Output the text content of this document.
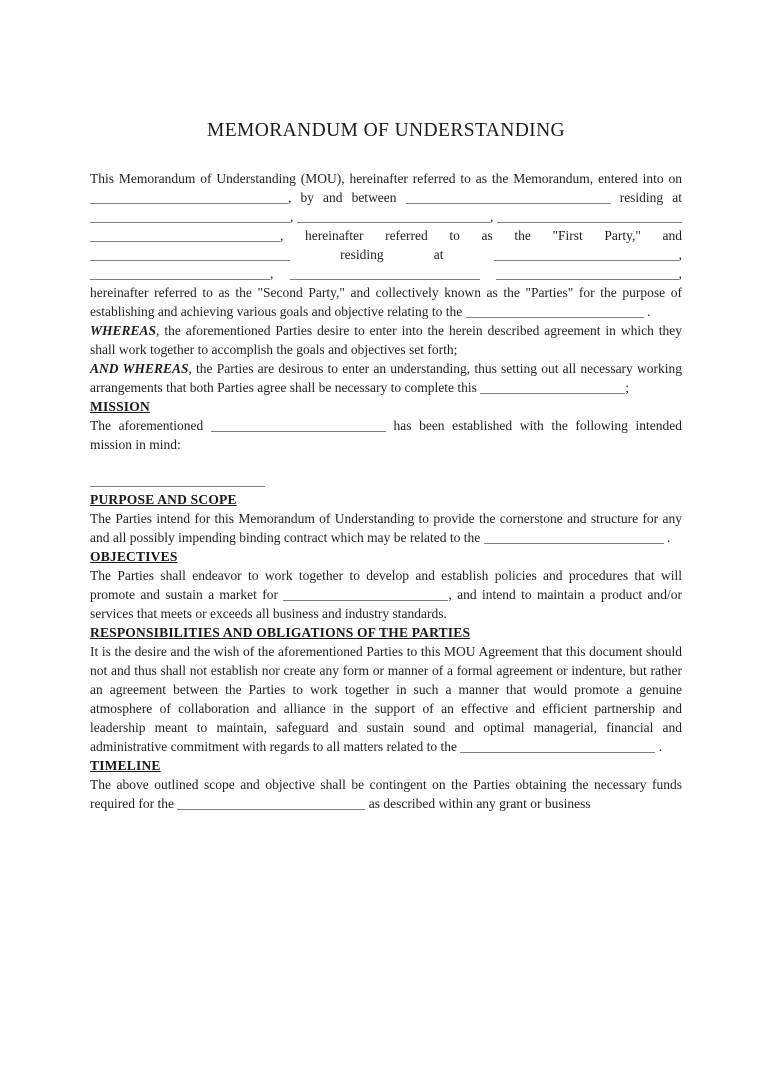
MEMORANDUM OF UNDERSTANDING

This Memorandum of Understanding (MOU), hereinafter referred to as the Memorandum, entered into on , by and between	residing at ,	,  , hereinafter referred to as the "First Party," and  residing at	, ,	, hereinafter referred to as the "Second Party," and collectively known as the "Parties" for the purpose of establishing and achieving various goals and objective relating to the	.

WHEREAS, the aforementioned Parties desire to enter into the herein described agreement in which they shall work together to accomplish the goals and objectives set forth;

AND WHEREAS, the Parties are desirous to enter an understanding, thus setting out all necessary working arrangements that both Parties agree shall be necessary to complete this	;

MISSION

The aforementioned	has been established with the following intended mission in mind:

PURPOSE AND SCOPE

The Parties intend for this Memorandum of Understanding to provide the cornerstone and structure for any and all possibly impending binding contract which may be related to the	.

OBJECTIVES

The Parties shall endeavor to work together to develop and establish policies and procedures that will promote and sustain a market for	, and intend to maintain a product and/or services that meets or exceeds all business and industry standards.

RESPONSIBILITIES AND OBLIGATIONS OF THE PARTIES

It is the desire and the wish of the aforementioned Parties to this MOU Agreement that this document should not and thus shall not establish nor create any form or manner of a formal agreement or indenture, but rather an agreement between the Parties to work together in such a manner that would promote a genuine atmosphere of collaboration and alliance in the support of an effective and efficient partnership and leadership meant to maintain, safeguard and sustain sound and optimal managerial, financial and administrative commitment with regards to all matters related to the	.

TIMELINE

The above outlined scope and objective shall be contingent on the Parties obtaining the necessary funds required for the	as described within any grant or business
